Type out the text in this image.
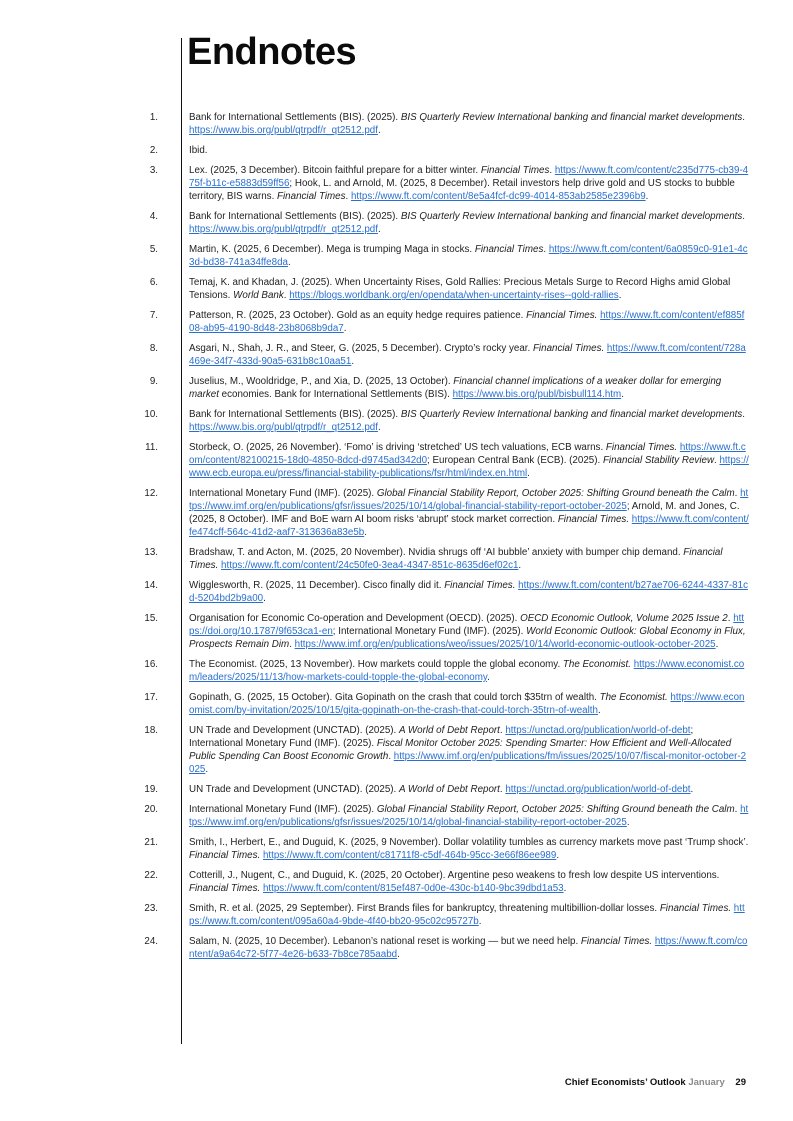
Endnotes
1.	Bank for International Settlements (BIS). (2025). BIS Quarterly Review International banking and financial market developments. https://www.bis.org/publ/qtrpdf/r_qt2512.pdf.
2.	Ibid.
3.	Lex. (2025, 3 December). Bitcoin faithful prepare for a bitter winter. Financial Times. https://www.ft.com/content/c235d775-cb39-475f-b11c-e5883d59ff56; Hook, L. and Arnold, M. (2025, 8 December). Retail investors help drive gold and US stocks to bubble territory, BIS warns. Financial Times. https://www.ft.com/content/8e5a4fcf-dc99-4014-853ab2585e2396b9.
4.	Bank for International Settlements (BIS). (2025). BIS Quarterly Review International banking and financial market developments. https://www.bis.org/publ/qtrpdf/r_qt2512.pdf.
5.	Martin, K. (2025, 6 December). Mega is trumping Maga in stocks. Financial Times. https://www.ft.com/content/6a0859c0-91e1-4c3d-bd38-741a34ffe8da.
6.	Temaj, K. and Khadan, J. (2025). When Uncertainty Rises, Gold Rallies: Precious Metals Surge to Record Highs amid Global Tensions. World Bank. https://blogs.worldbank.org/en/opendata/when-uncertainty-rises--gold-rallies.
7.	Patterson, R. (2025, 23 October). Gold as an equity hedge requires patience. Financial Times. https://www.ft.com/content/ef885f08-ab95-4190-8d48-23b8068b9da7.
8.	Asgari, N., Shah, J. R., and Steer, G. (2025, 5 December). Crypto’s rocky year. Financial Times. https://www.ft.com/content/728a469e-34f7-433d-90a5-631b8c10aa51.
9.	Juselius, M., Wooldridge, P., and Xia, D. (2025, 13 October). Financial channel implications of a weaker dollar for emerging market economies. Bank for International Settlements (BIS). https://www.bis.org/publ/bisbull114.htm.
10.	Bank for International Settlements (BIS). (2025). BIS Quarterly Review International banking and financial market developments. https://www.bis.org/publ/qtrpdf/r_qt2512.pdf.
11.	Storbeck, O. (2025, 26 November). ‘Fomo’ is driving ‘stretched’ US tech valuations, ECB warns. Financial Times. https://www.ft.com/content/82100215-18d0-4850-8dcd-d9745ad342d0; European Central Bank (ECB). (2025). Financial Stability Review. https://www.ecb.europa.eu/press/financial-stability-publications/fsr/html/index.en.html.
12.	International Monetary Fund (IMF). (2025). Global Financial Stability Report, October 2025: Shifting Ground beneath the Calm. https://www.imf.org/en/publications/gfsr/issues/2025/10/14/global-financial-stability-report-october-2025; Arnold, M. and Jones, C. (2025, 8 October). IMF and BoE warn AI boom risks ‘abrupt’ stock market correction. Financial Times. https://www.ft.com/content/fe474cff-564c-41d2-aaf7-313636a83e5b.
13.	Bradshaw, T. and Acton, M. (2025, 20 November). Nvidia shrugs off ‘AI bubble’ anxiety with bumper chip demand. Financial Times. https://www.ft.com/content/24c50fe0-3ea4-4347-851c-8635d6ef02c1.
14.	Wigglesworth, R. (2025, 11 December). Cisco finally did it. Financial Times. https://www.ft.com/content/b27ae706-6244-4337-81cd-5204bd2b9a00.
15.	Organisation for Economic Co-operation and Development (OECD). (2025). OECD Economic Outlook, Volume 2025 Issue 2. https://doi.org/10.1787/9f653ca1-en; International Monetary Fund (IMF). (2025). World Economic Outlook: Global Economy in Flux, Prospects Remain Dim. https://www.imf.org/en/publications/weo/issues/2025/10/14/world-economic-outlook-october-2025.
16.	The Economist. (2025, 13 November). How markets could topple the global economy. The Economist. https://www.economist.com/leaders/2025/11/13/how-markets-could-topple-the-global-economy.
17.	Gopinath, G. (2025, 15 October). Gita Gopinath on the crash that could torch $35trn of wealth. The Economist. https://www.economist.com/by-invitation/2025/10/15/gita-gopinath-on-the-crash-that-could-torch-35trn-of-wealth.
18.	UN Trade and Development (UNCTAD). (2025). A World of Debt Report. https://unctad.org/publication/world-of-debt; International Monetary Fund (IMF). (2025). Fiscal Monitor October 2025: Spending Smarter: How Efficient and Well-Allocated Public Spending Can Boost Economic Growth. https://www.imf.org/en/publications/fm/issues/2025/10/07/fiscal-monitor-october-2025.
19.	UN Trade and Development (UNCTAD). (2025). A World of Debt Report. https://unctad.org/publication/world-of-debt.
20.	International Monetary Fund (IMF). (2025). Global Financial Stability Report, October 2025: Shifting Ground beneath the Calm. https://www.imf.org/en/publications/gfsr/issues/2025/10/14/global-financial-stability-report-october-2025.
21.	Smith, I., Herbert, E., and Duguid, K. (2025, 9 November). Dollar volatility tumbles as currency markets move past ‘Trump shock’. Financial Times. https://www.ft.com/content/c81711f8-c5df-464b-95cc-3e66f86ee989.
22.	Cotterill, J., Nugent, C., and Duguid, K. (2025, 20 October). Argentine peso weakens to fresh low despite US interventions. Financial Times. https://www.ft.com/content/815ef487-0d0e-430c-b140-9bc39dbd1a53.
23.	Smith, R. et al. (2025, 29 September). First Brands files for bankruptcy, threatening multibillion-dollar losses. Financial Times. https://www.ft.com/content/095a60a4-9bde-4f40-bb20-95c02c95727b.
24.	Salam, N. (2025, 10 December). Lebanon’s national reset is working — but we need help. Financial Times. https://www.ft.com/content/a9a64c72-5f77-4e26-b633-7b8ce785aabd.
Chief Economists’ Outlook January 29
